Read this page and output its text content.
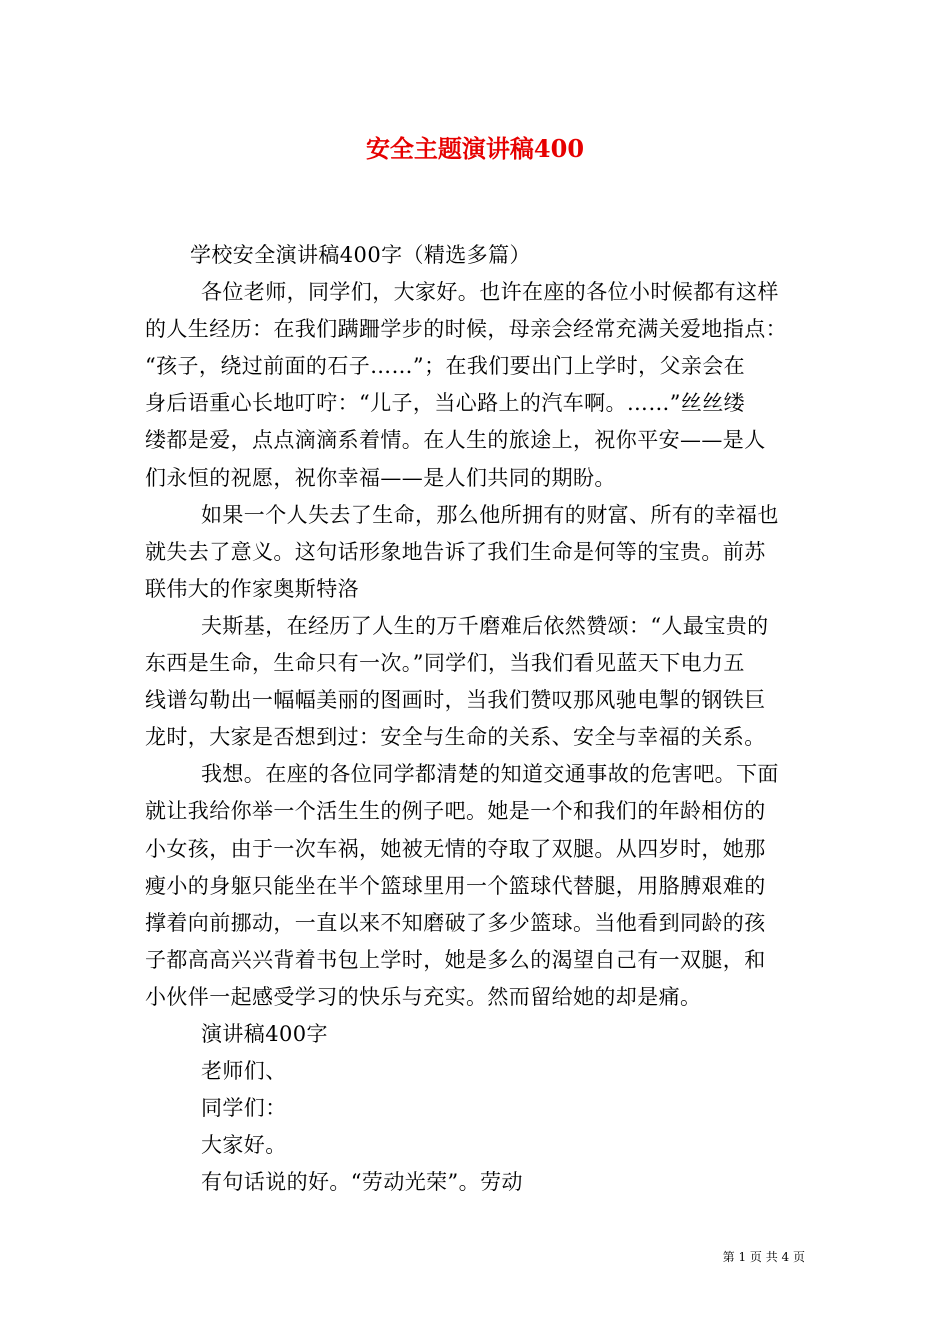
安全主题演讲稿400
学校安全演讲稿400字（精选多篇）
各位老师，同学们，大家好。也许在座的各位小时候都有这样
的人生经历：在我们蹒跚学步的时候，母亲会经常充满关爱地指点：
“孩子，绕过前面的石子……”；在我们要出门上学时，父亲会在
身后语重心长地叮咛：“儿子，当心路上的汽车啊。……”丝丝缕
缕都是爱，点点滴滴系着情。在人生的旅途上，祝你平安——是人
们永恒的祝愿，祝你幸福——是人们共同的期盼。
如果一个人失去了生命，那么他所拥有的财富、所有的幸福也
就失去了意义。这句话形象地告诉了我们生命是何等的宝贵。前苏
联伟大的作家奥斯特洛
夫斯基，在经历了人生的万千磨难后依然赞颂：“人最宝贵的
东西是生命，生命只有一次。”同学们，当我们看见蓝天下电力五
线谱勾勒出一幅幅美丽的图画时，当我们赞叹那风驰电掣的钢铁巨
龙时，大家是否想到过：安全与生命的关系、安全与幸福的关系。
我想。在座的各位同学都清楚的知道交通事故的危害吧。下面
就让我给你举一个活生生的例子吧。她是一个和我们的年龄相仿的
小女孩，由于一次车祸，她被无情的夺取了双腿。从四岁时，她那
瘦小的身躯只能坐在半个篮球里用一个篮球代替腿，用胳膊艰难的
撑着向前挪动，一直以来不知磨破了多少篮球。当他看到同龄的孩
子都高高兴兴背着书包上学时，她是多么的渴望自己有一双腿，和
小伙伴一起感受学习的快乐与充实。然而留给她的却是痛。
演讲稿400字
老师们、
同学们：
大家好。
有句话说的好。“劳动光荣”。劳动
第 1 页 共 4 页
